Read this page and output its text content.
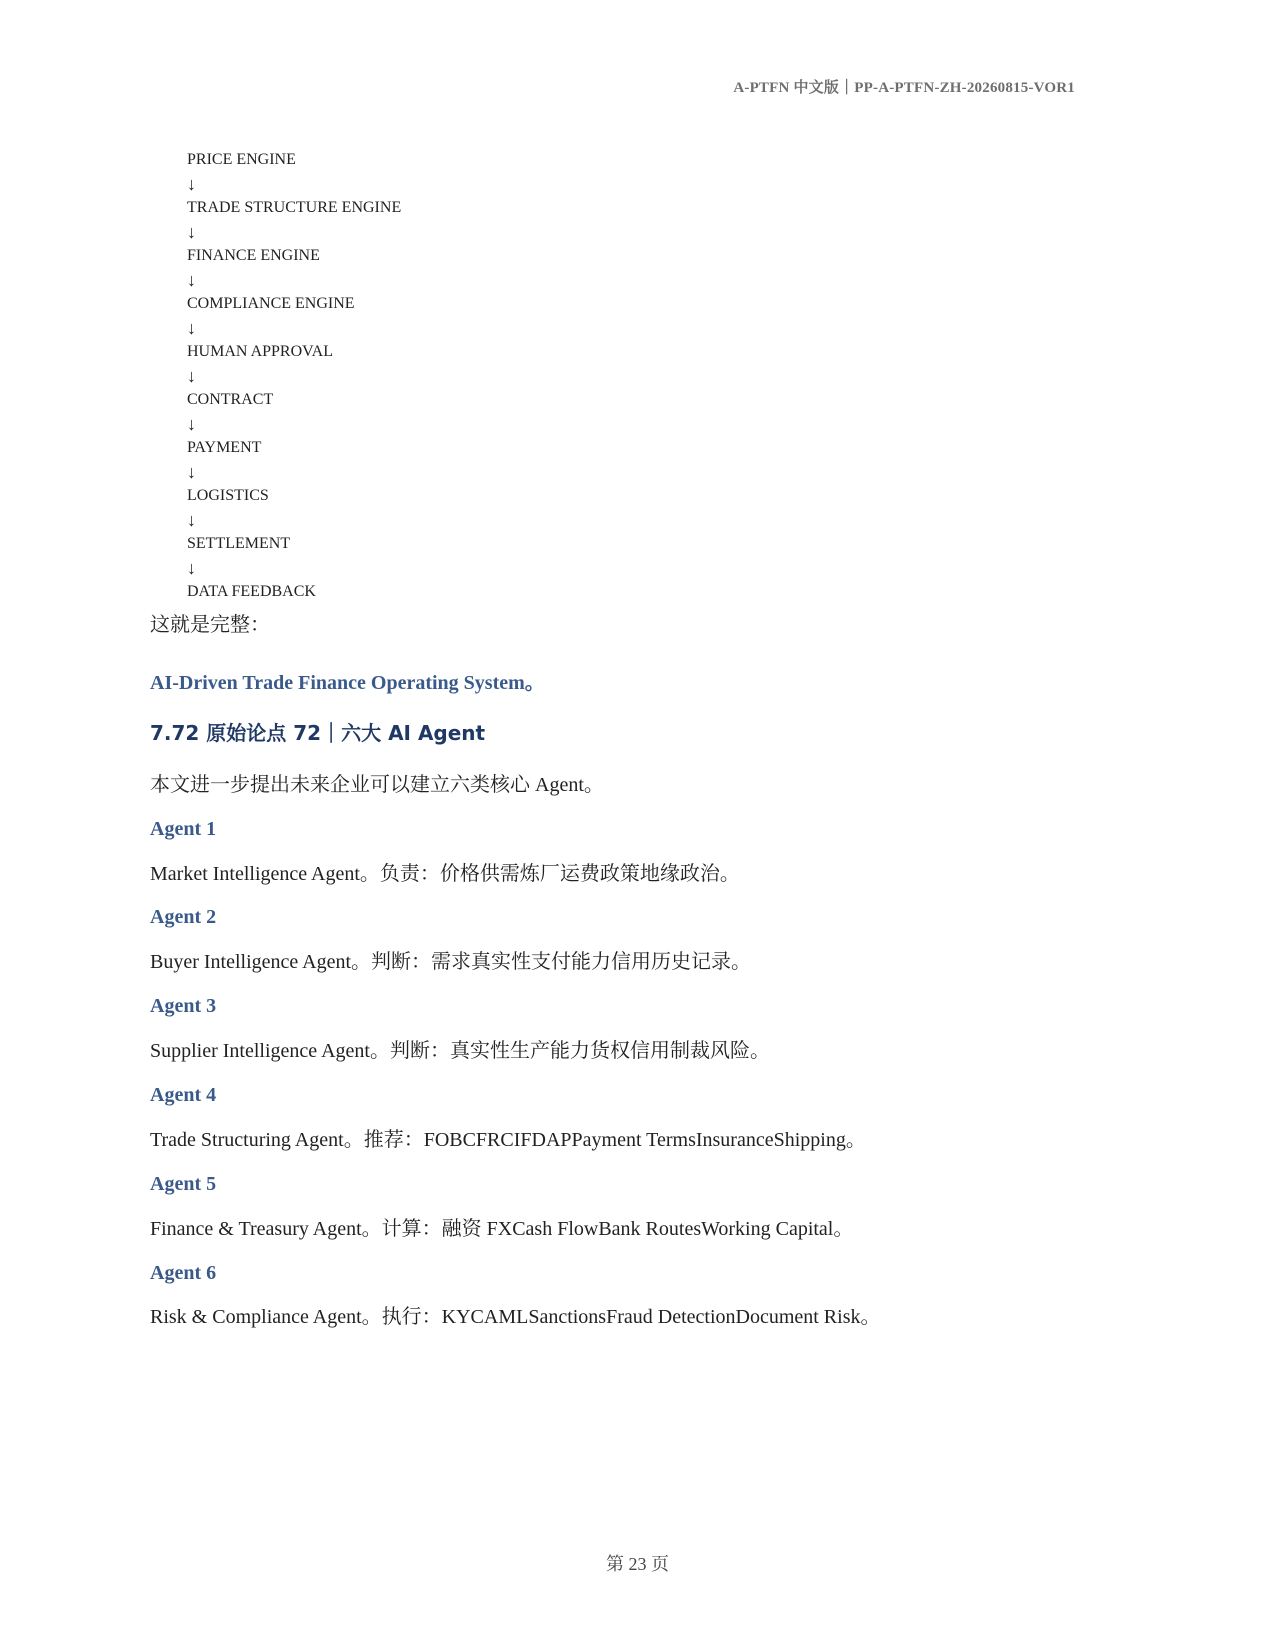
A-PTFN 中文版｜PP-A-PTFN-ZH-20260815-VOR1
PRICE ENGINE
↓
TRADE STRUCTURE ENGINE
↓
FINANCE ENGINE
↓
COMPLIANCE ENGINE
↓
HUMAN APPROVAL
↓
CONTRACT
↓
PAYMENT
↓
LOGISTICS
↓
SETTLEMENT
↓
DATA FEEDBACK
这就是完整：
AI-Driven Trade Finance Operating System。
7.72 原始论点 72｜六大 AI Agent
本文进一步提出未来企业可以建立六类核心 Agent。
Agent 1
Market Intelligence Agent。负责：价格供需炼厂运费政策地缘政治。
Agent 2
Buyer Intelligence Agent。判断：需求真实性支付能力信用历史记录。
Agent 3
Supplier Intelligence Agent。判断：真实性生产能力货权信用制裁风险。
Agent 4
Trade Structuring Agent。推荐：FOBCFRCIFDAPPayment TermsInsuranceShipping。
Agent 5
Finance & Treasury Agent。计算：融资 FXCash FlowBank RoutesWorking Capital。
Agent 6
Risk & Compliance Agent。执行：KYCAMLSanctionsFraud DetectionDocument Risk。
第 23 页
